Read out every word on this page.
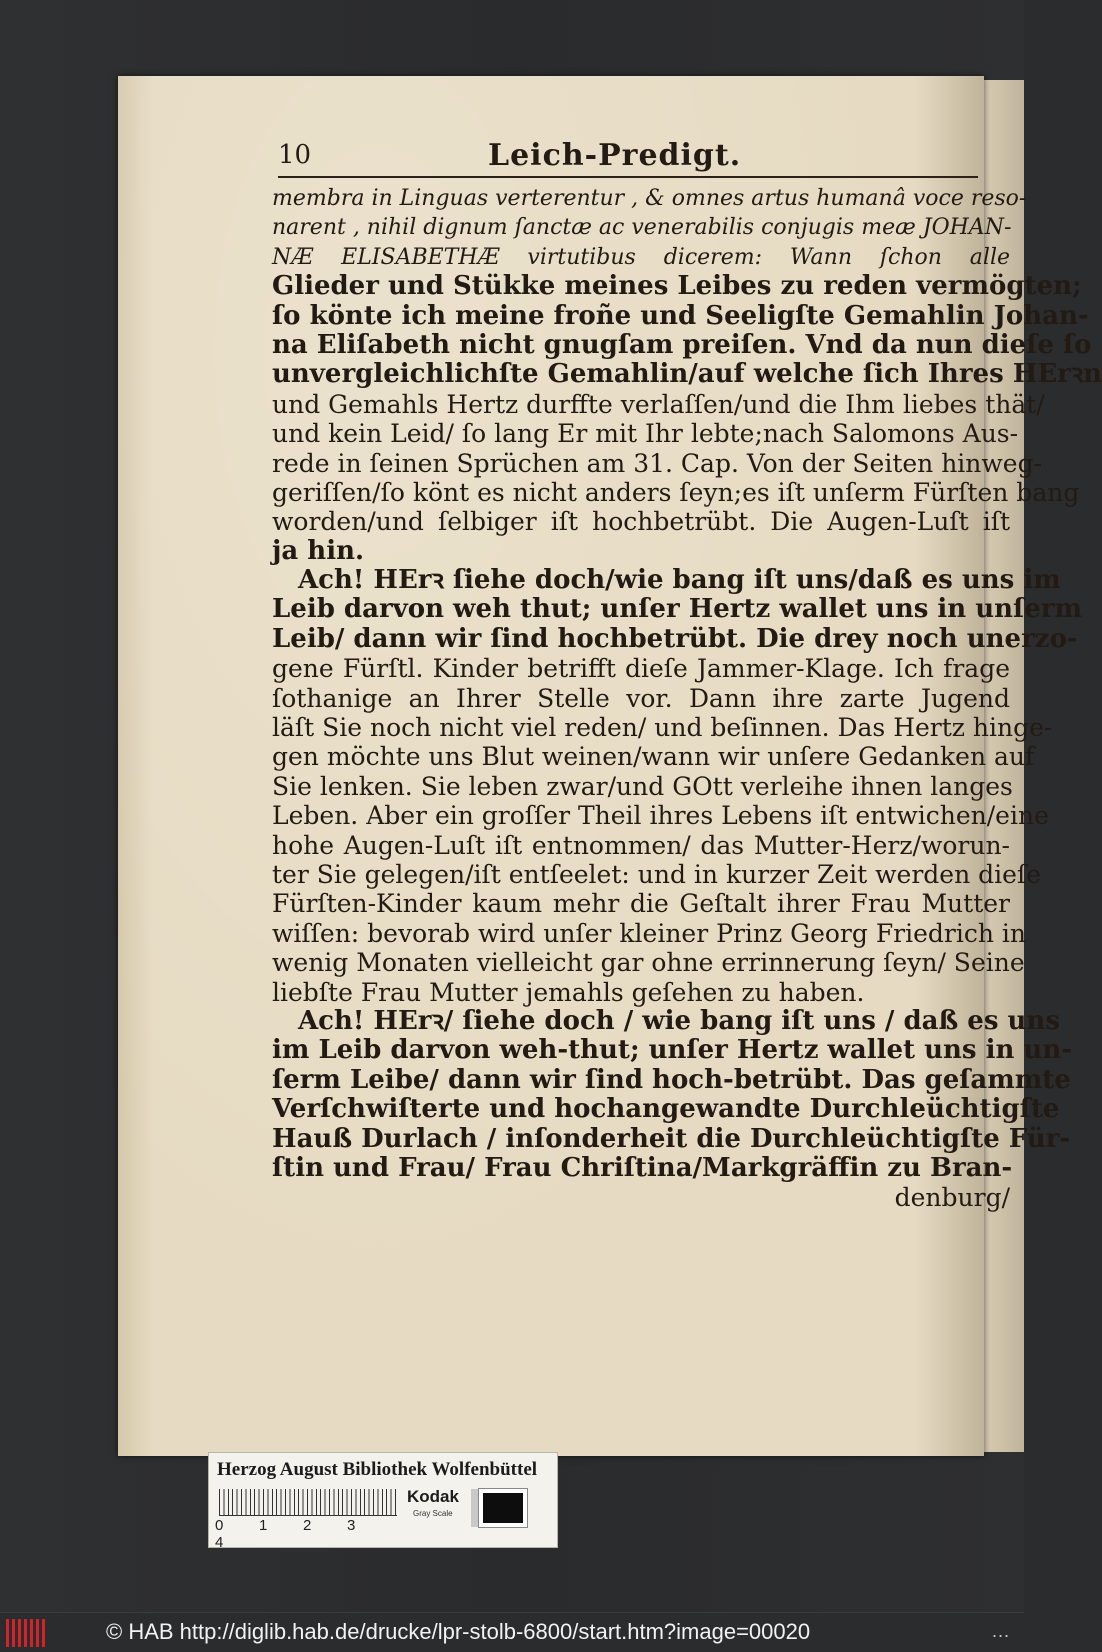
10	Leich-Predigt.
membra in Linguas verterentur , & omnes artus humanâ voce reso-
narent , nihil dignum ſanctæ ac venerabilis conjugis meæ JOHAN-
NÆ ELISABETHÆ virtutibus dicerem: Wann ſchon alle
Glieder und Stükke meines Leibes zu reden vermögten;
ſo könte ich meine froñe und Seeligſte Gemahlin Johan-
na Eliſabeth nicht gnugſam preiſen. Vnd da nun dieſe ſo
unvergleichlichſte Gemahlin/auf welche ſich Ihres HErꝛn
und Gemahls Hertz durffte verlaſſen/und die Ihm liebes thät/
und kein Leid/ ſo lang Er mit Ihr lebte;nach Salomons Aus-
rede in ſeinen Sprüchen am 31. Cap. Von der Seiten hinweg-
geriſſen/ſo könt es nicht anders ſeyn;es iſt unſerm Fürſten bang
worden/und ſelbiger iſt hochbetrübt. Die Augen-Luſt iſt
ja hin.
Ach! HErꝛ ſiehe doch/wie bang iſt uns/daß es uns im
Leib darvon weh thut; unſer Hertz wallet uns in unſerm
Leib/ dann wir ſind hochbetrübt. Die drey noch unerzo-
gene Fürſtl. Kinder betrifft dieſe Jammer-Klage. Ich frage
ſothanige an Ihrer Stelle vor. Dann ihre zarte Jugend
läſt Sie noch nicht viel reden/ und beſinnen. Das Hertz hinge-
gen möchte uns Blut weinen/wann wir unſere Gedanken auf
Sie lenken. Sie leben zwar/und GOtt verleihe ihnen langes
Leben. Aber ein groſſer Theil ihres Lebens iſt entwichen/eine
hohe Augen-Luſt iſt entnommen/ das Mutter-Herz/worun-
ter Sie gelegen/iſt entſeelet: und in kurzer Zeit werden dieſe
Fürſten-Kinder kaum mehr die Geſtalt ihrer Frau Mutter
wiſſen: bevorab wird unſer kleiner Prinz Georg Friedrich in
wenig Monaten vielleicht gar ohne errinnerung ſeyn/ Seine
liebſte Frau Mutter jemahls geſehen zu haben.
Ach! HErꝛ/ ſiehe doch / wie bang iſt uns / daß es uns
im Leib darvon weh-thut; unſer Hertz wallet uns in un-
ſerm Leibe/ dann wir ſind hoch-betrübt. Das geſammte
Verſchwiſterte und hochangewandte Durchleüchtigſte
Hauß Durlach / inſonderheit die Durchleüchtigſte Für-
ſtin und Frau/ Frau Chriſtina/Markgräffin zu Bran-
denburg/
Herzog August Bibliothek Wolfenbüttel
0 1 2 34
Kodak
Gray Scale
© HAB http://diglib.hab.de/drucke/lpr-stolb-6800/start.htm?image=00020	...
